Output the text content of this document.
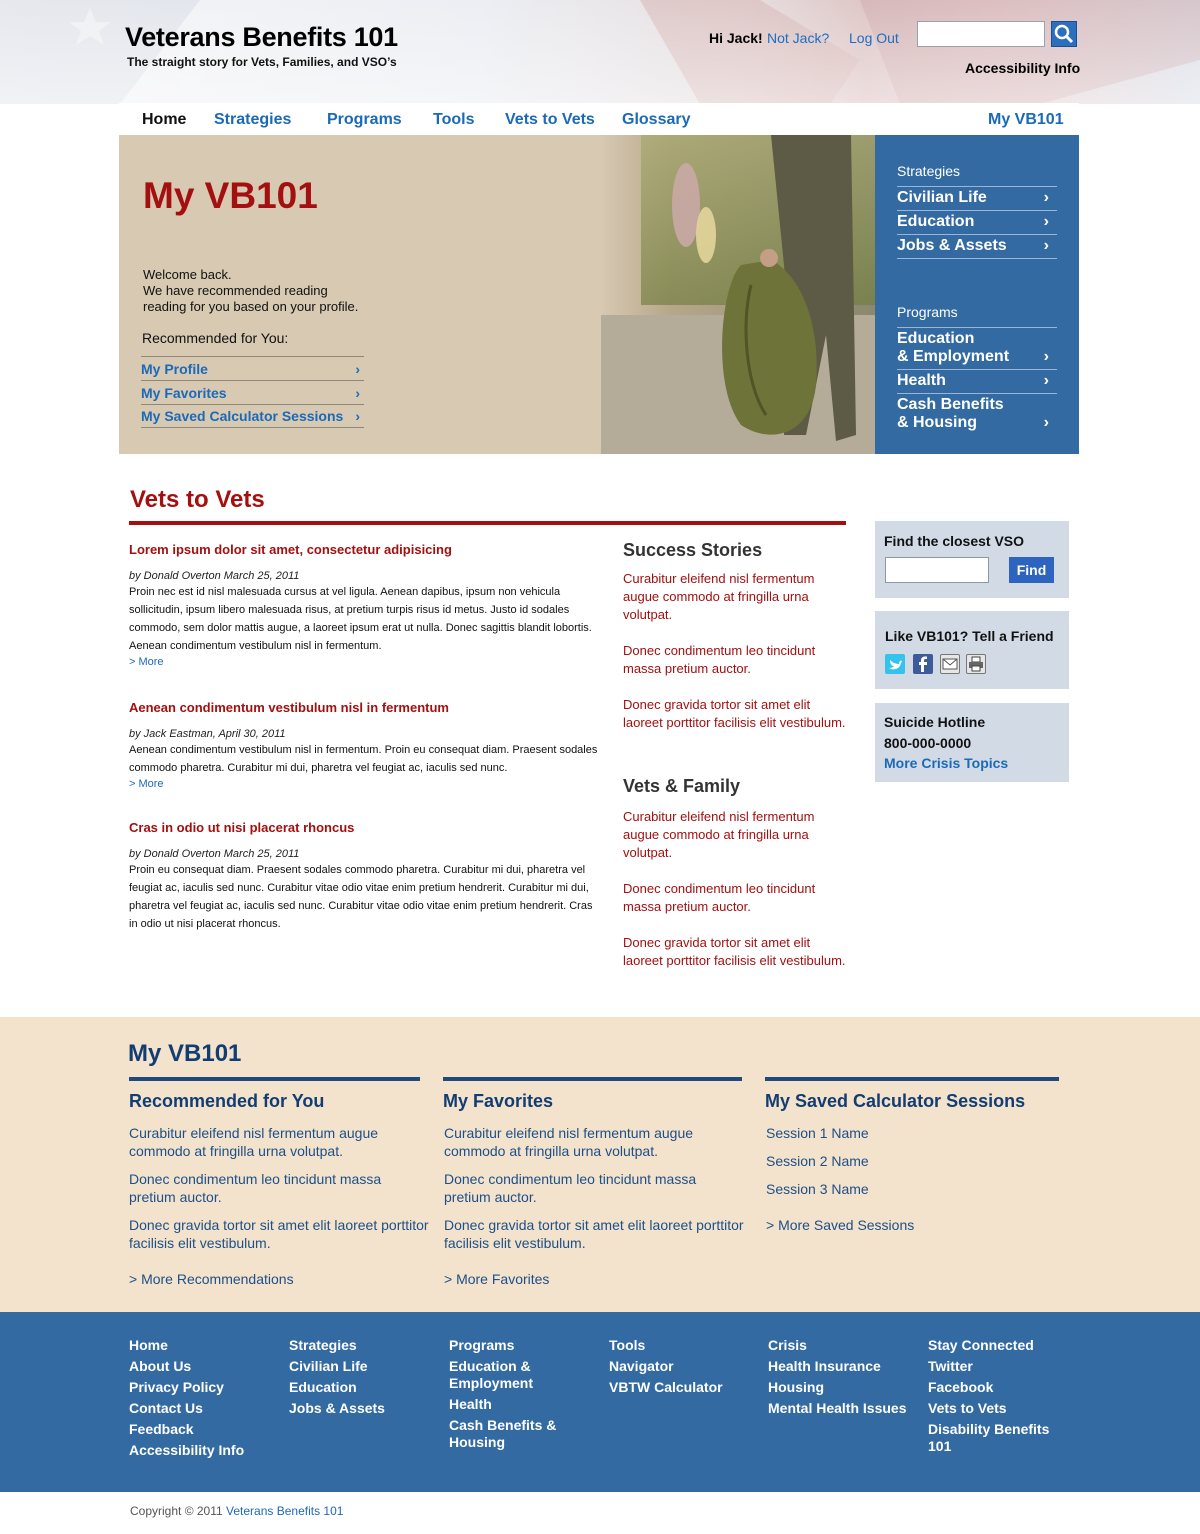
Veterans Benefits 101
The straight story for Vets, Families, and VSO’s
Hi Jack! Not Jack? Log Out
Accessibility Info
Home Strategies Programs Tools Vets to Vets Glossary	My VB101
My VB101
Welcome back.
We have recommended reading
reading for you based on your profile.
Recommended for You:
My Profile	›
My Favorites	›
My Saved Calculator Sessions ›
Strategies
Civilian Life	›
Education	›
Jobs & Assets ›
Programs
Education
& Employment ›
Health	›
Cash Benefits
& Housing	›
Vets to Vets
Lorem ipsum dolor sit amet, consectetur adipisicing
by Donald Overton March 25, 2011
Proin nec est id nisl malesuada cursus at vel ligula. Aenean dapibus, ipsum non vehicula sollicitudin, ipsum libero malesuada risus, at pretium turpis risus id metus. Justo id sodales commodo, sem dolor mattis augue, a laoreet ipsum erat ut nulla. Donec sagittis blandit lobortis. Aenean condimentum vestibulum nisl in fermentum.
> More
Aenean condimentum vestibulum nisl in fermentum
by Jack Eastman, April 30, 2011
Aenean condimentum vestibulum nisl in fermentum. Proin eu consequat diam. Praesent sodales commodo pharetra. Curabitur mi dui, pharetra vel feugiat ac, iaculis sed nunc.
> More
Cras in odio ut nisi placerat rhoncus
by Donald Overton March 25, 2011
Proin eu consequat diam. Praesent sodales commodo pharetra. Curabitur mi dui, pharetra vel feugiat ac, iaculis sed nunc. Curabitur vitae odio vitae enim pretium hendrerit. Curabitur mi dui, pharetra vel feugiat ac, iaculis sed nunc. Curabitur vitae odio vitae enim pretium hendrerit. Cras in odio ut nisi placerat rhoncus.
Success Stories
Curabitur eleifend nisl fermentum augue commodo at fringilla urna volutpat.
Donec condimentum leo tincidunt massa pretium auctor.
Donec gravida tortor sit amet elit laoreet porttitor facilisis elit vestibulum.
Vets & Family
Curabitur eleifend nisl fermentum augue commodo at fringilla urna volutpat.
Donec condimentum leo tincidunt massa pretium auctor.
Donec gravida tortor sit amet elit laoreet porttitor facilisis elit vestibulum.
Find the closest VSO
Find
Like VB101? Tell a Friend
Suicide Hotline
800-000-0000
More Crisis Topics
My VB101
Recommended for You
Curabitur eleifend nisl fermentum augue commodo at fringilla urna volutpat.
Donec condimentum leo tincidunt massa pretium auctor.
Donec gravida tortor sit amet elit laoreet porttitor facilisis elit vestibulum.
> More Recommendations
My Favorites
Curabitur eleifend nisl fermentum augue commodo at fringilla urna volutpat.
Donec condimentum leo tincidunt massa pretium auctor.
Donec gravida tortor sit amet elit laoreet porttitor facilisis elit vestibulum.
> More Favorites
My Saved Calculator Sessions
Session 1 Name
Session 2 Name
Session 3 Name
> More Saved Sessions
Home
About Us
Privacy Policy
Contact Us
Feedback
Accessibility Info
Strategies
Civilian Life
Education
Jobs & Assets
Programs
Education & Employment
Health
Cash Benefits & Housing
Tools
Navigator
VBTW Calculator
Crisis
Health Insurance
Housing
Mental Health Issues
Stay Connected
Twitter
Facebook
Vets to Vets
Disability Benefits 101
Copyright © 2011 Veterans Benefits 101
